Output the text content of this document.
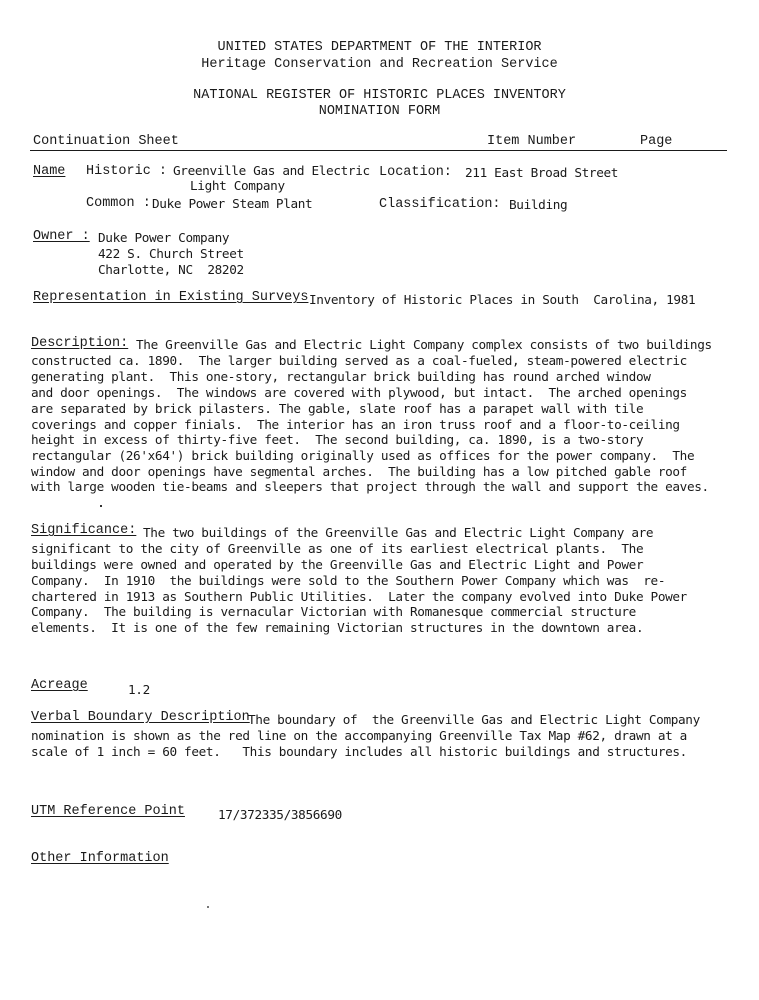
UNITED STATES DEPARTMENT OF THE INTERIOR
Heritage Conservation and Recreation Service
NATIONAL REGISTER OF HISTORIC PLACES INVENTORY
NOMINATION FORM
Continuation Sheet	Item Number	Page
Name Historic : Greenville Gas and Electric
Light Company
Location: 211 East Broad Street
Common : Duke Power Steam Plant	Classification: Building
Owner : Duke Power Company
422 S. Church Street
Charlotte, NC  28202
Representation in Existing Surveys Inventory of Historic Places in South  Carolina, 1981
Description: The Greenville Gas and Electric Light Company complex consists of two buildings
constructed ca. 1890.  The larger building served as a coal-fueled, steam-powered electric
generating plant.  This one-story, rectangular brick building has round arched window
and door openings.  The windows are covered with plywood, but intact.  The arched openings
are separated by brick pilasters. The gable, slate roof has a parapet wall with tile
coverings and copper finials.  The interior has an iron truss roof and a floor-to-ceiling
height in excess of thirty-five feet.  The second building, ca. 1890, is a two-story
rectangular (26'x64') brick building originally used as offices for the power company.  The
window and door openings have segmental arches.  The building has a low pitched gable roof
with large wooden tie-beams and sleepers that project through the wall and support the eaves.
Significance: The two buildings of the Greenville Gas and Electric Light Company are
significant to the city of Greenville as one of its earliest electrical plants.  The
buildings were owned and operated by the Greenville Gas and Electric Light and Power
Company.  In 1910  the buildings were sold to the Southern Power Company which was  re-
chartered in 1913 as Southern Public Utilities.  Later the company evolved into Duke Power
Company.  The building is vernacular Victorian with Romanesque commercial structure
elements.  It is one of the few remaining Victorian structures in the downtown area.
Acreage	1.2
Verbal Boundary Description
The boundary of  the Greenville Gas and Electric Light Company
nomination is shown as the red line on the accompanying Greenville Tax Map #62, drawn at a
scale of 1 inch = 60 feet.   This boundary includes all historic buildings and structures.
UTM Reference Point	17/372335/3856690
Other Information
